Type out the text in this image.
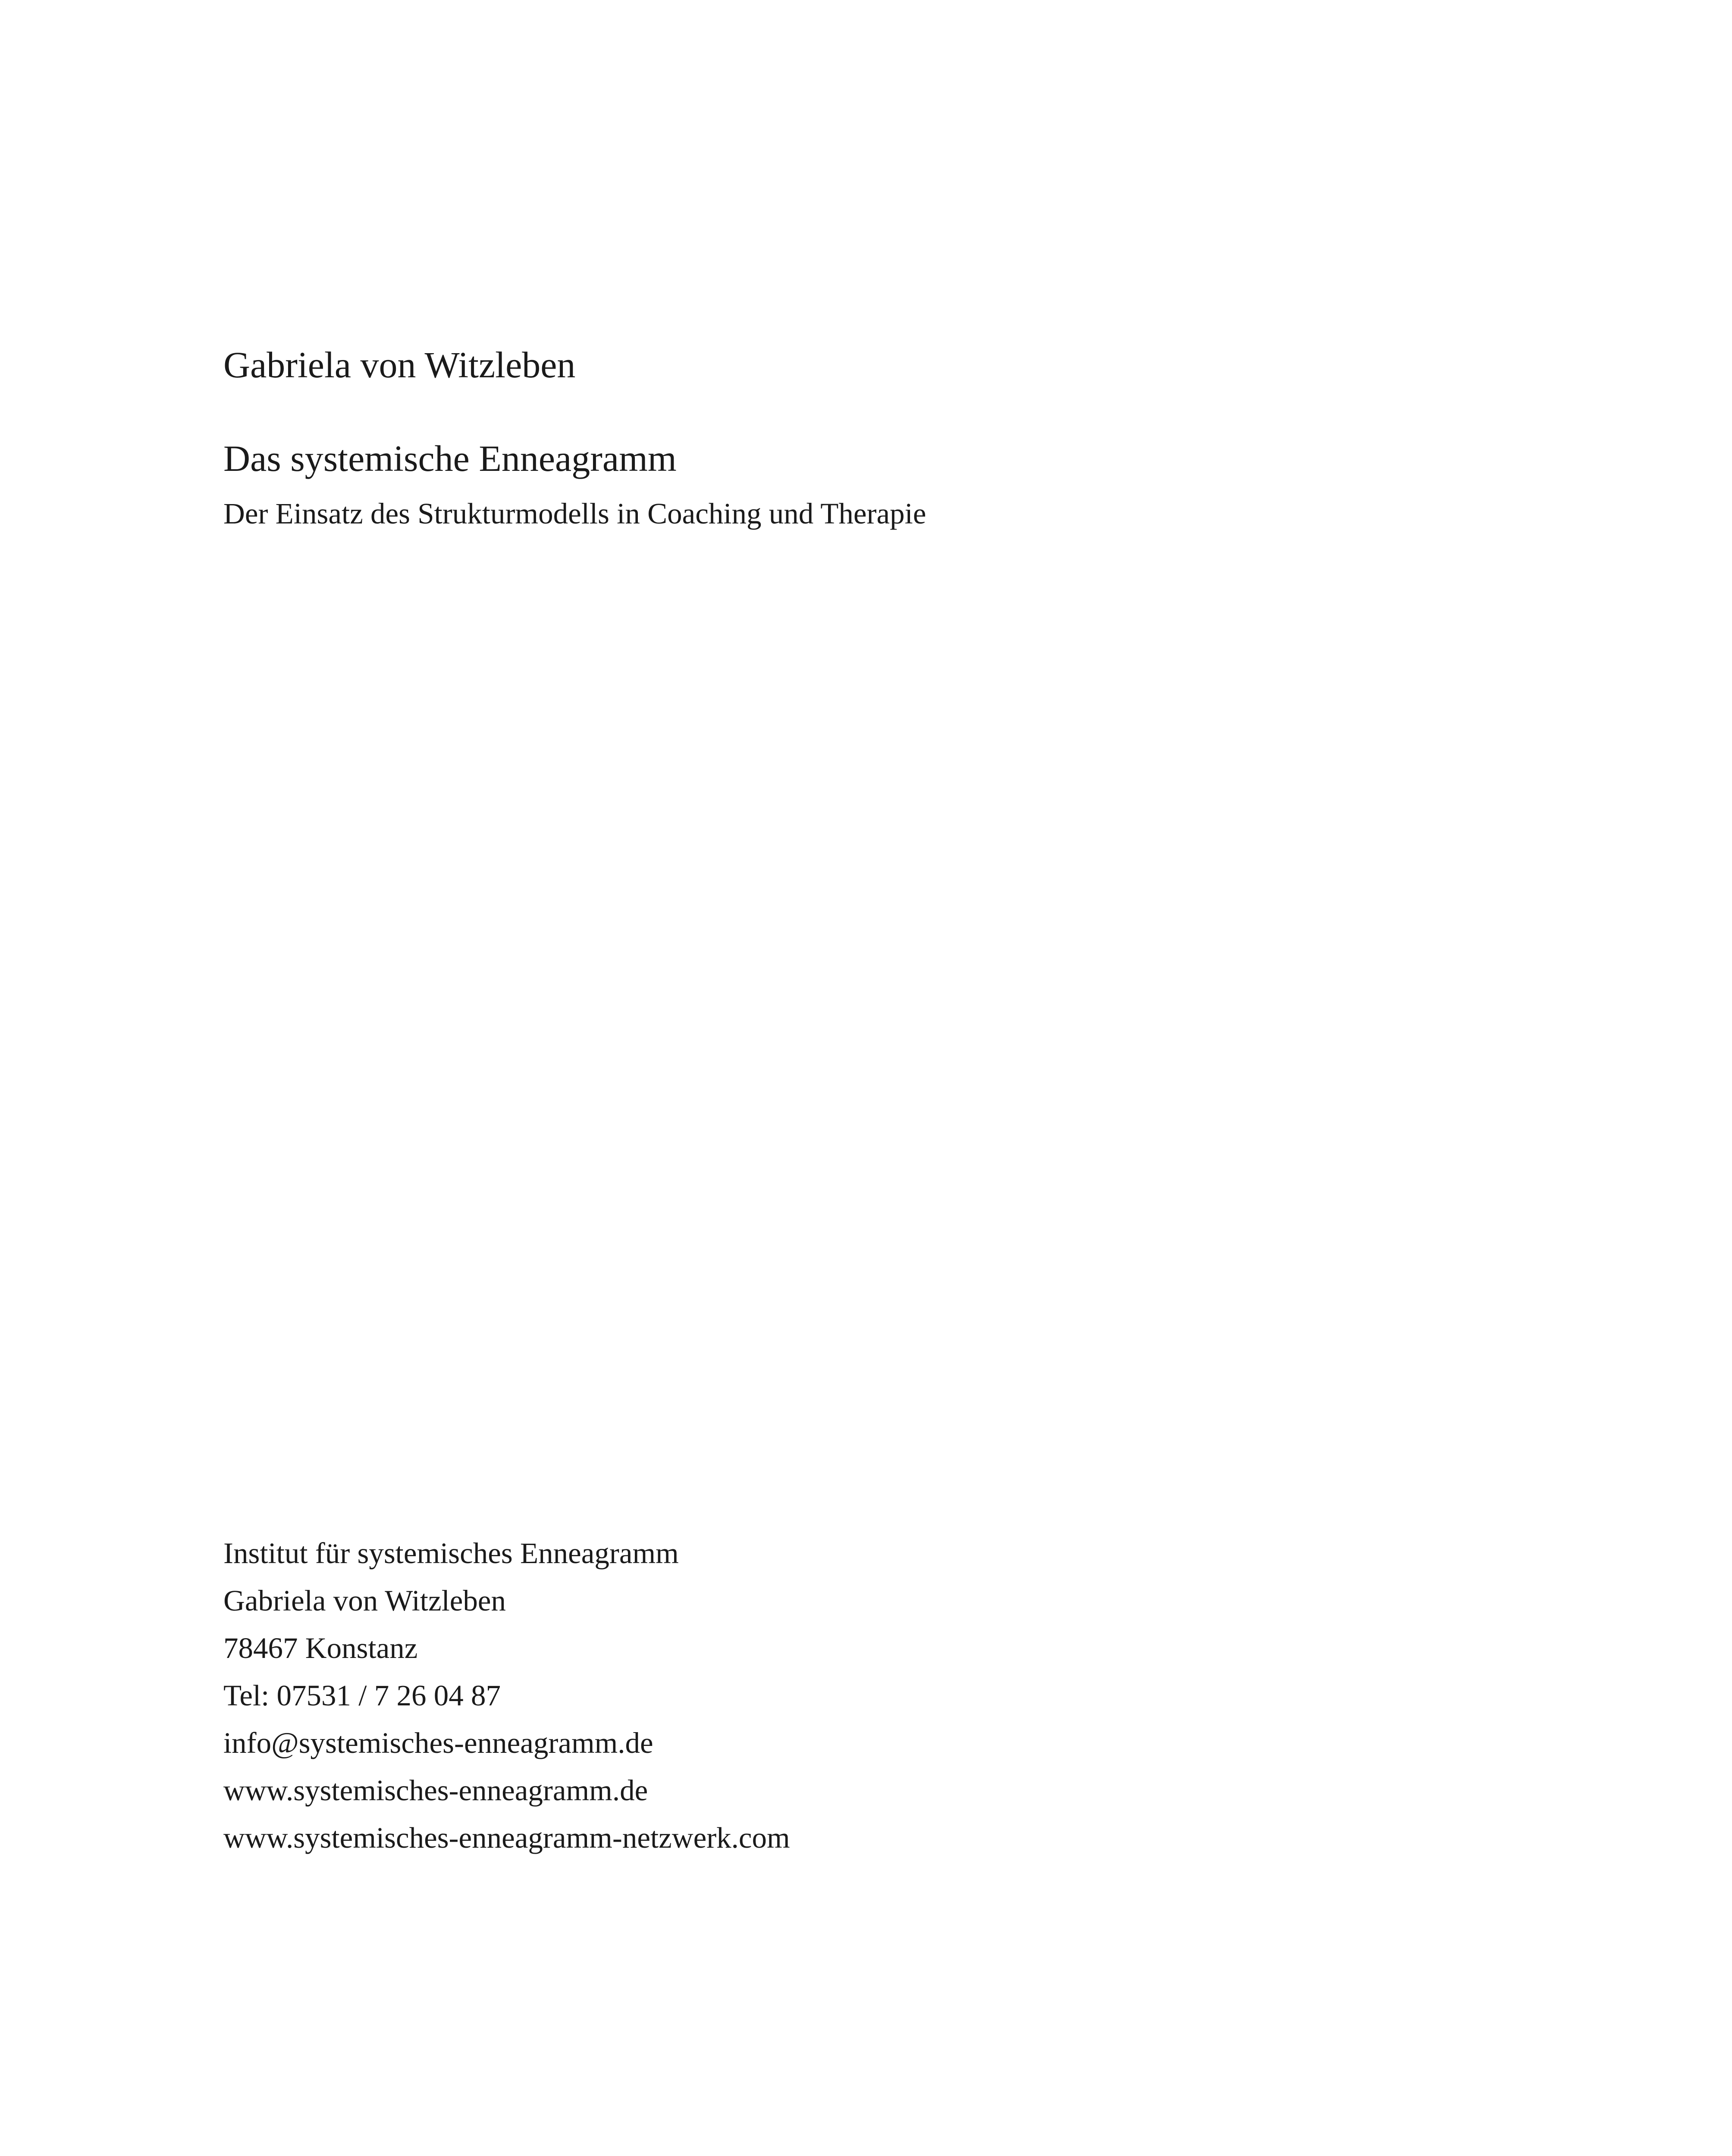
Gabriela von Witzleben
Das systemische Enneagramm
Der Einsatz des Strukturmodells in Coaching und Therapie
Institut für systemisches Enneagramm
Gabriela von Witzleben
78467 Konstanz
Tel: 07531 / 7 26 04 87
info@systemisches-enneagramm.de
www.systemisches-enneagramm.de
www.systemisches-enneagramm-netzwerk.com
